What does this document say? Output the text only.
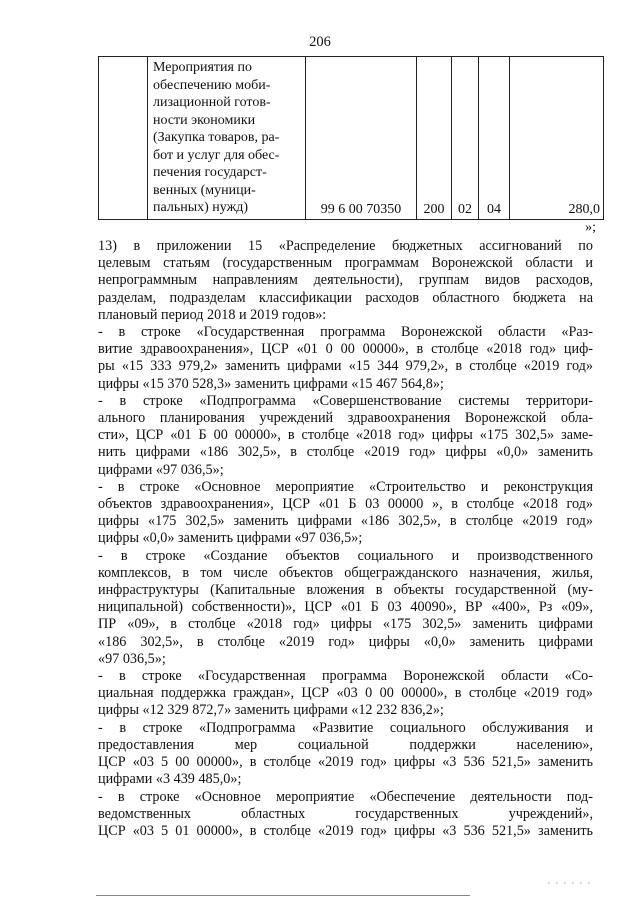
206

Мероприятия по
обеспечению моби-
лизационной готов-
ности экономики
(Закупка товаров, ра-
бот и услуг для обес-
печения государст-
венных (муници-
пальных) нужд)	99 6 00 70350	200	02	04	280,0
»;
13) в приложении 15 «Распределение бюджетных ассигнований по
целевым статьям (государственным программам Воронежской области и
непрограммным направлениям деятельности), группам видов расходов,
разделам, подразделам классификации расходов областного бюджета на
плановый период 2018 и 2019 годов»:
- в строке «Государственная программа Воронежской области «Раз-
витие здравоохранения», ЦСР «01 0 00 00000», в столбце «2018 год» циф-
ры «15 333 979,2» заменить цифрами «15 344 979,2», в столбце «2019 год»
цифры «15 370 528,3» заменить цифрами «15 467 564,8»;
- в строке «Подпрограмма «Совершенствование системы территори-
ального планирования учреждений здравоохранения Воронежской обла-
сти», ЦСР «01 Б 00 00000», в столбце «2018 год» цифры «175 302,5» заме-
нить цифрами «186 302,5», в столбце «2019 год» цифры «0,0» заменить
цифрами «97 036,5»;
- в строке «Основное мероприятие «Строительство и реконструкция
объектов здравоохранения», ЦСР «01 Б 03 00000 », в столбце «2018 год»
цифры «175 302,5» заменить цифрами «186 302,5», в столбце «2019 год»
цифры «0,0» заменить цифрами «97 036,5»;
- в строке «Создание объектов социального и производственного
комплексов, в том числе объектов общегражданского назначения, жилья,
инфраструктуры (Капитальные вложения в объекты государственной (му-
ниципальной) собственности)», ЦСР «01 Б 03 40090», ВР «400», Рз «09»,
ПР «09», в столбце «2018 год» цифры «175 302,5» заменить цифрами
«186 302,5», в столбце «2019 год» цифры «0,0» заменить цифрами
«97 036,5»;
- в строке «Государственная программа Воронежской области «Со-
циальная поддержка граждан», ЦСР «03 0 00 00000», в столбце «2019 год»
цифры «12 329 872,7» заменить цифрами «12 232 836,2»;
- в строке «Подпрограмма «Развитие социального обслуживания и
предоставления мер социальной поддержки населению»,
ЦСР «03 5 00 00000», в столбце «2019 год» цифры «3 536 521,5» заменить
цифрами «3 439 485,0»;
- в строке «Основное мероприятие «Обеспечение деятельности под-
ведомственных областных государственных учреждений»,
ЦСР «03 5 01 00000», в столбце «2019 год» цифры «3 536 521,5» заменить
